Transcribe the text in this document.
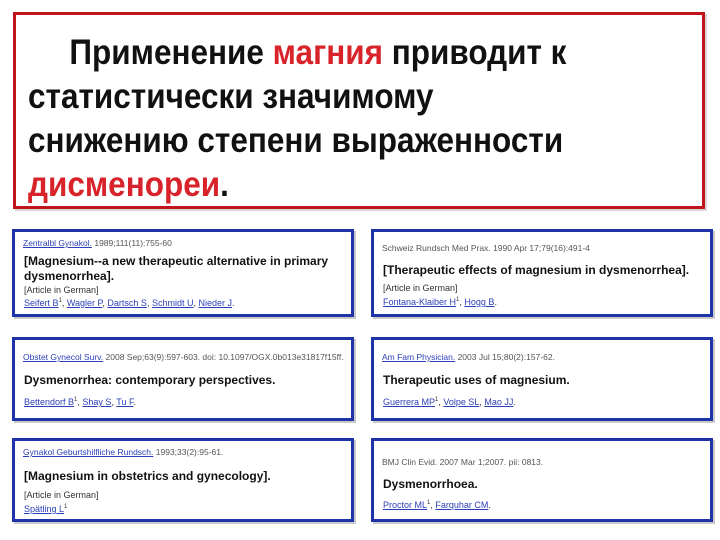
Применение магния приводит к
статистически значимому
снижению степени выраженности
дисменореи.
Zentralbl Gynakol. 1989;111(11):755-60
[Magnesium--a new therapeutic alternative in primary
dysmenorrhea].
[Article in German]
Seifert $B^1$, Wagler P, Dartsch S, Schmidt U, Nieder J.
Schweiz Rundsch Med Prax. 1990 Apr 17;79(16):491-4
[Therapeutic effects of magnesium in dysmenorrhea].
[Article in German]
Fontana-Klaiber $H^1$, Hogg B.
Obstet Gynecol Surv. 2008 Sep;63(9):597-603. doi: 10.1097/OGX.0b013e31817f15ff.
Dysmenorrhea: contemporary perspectives.
Bettendorf $B^1$, Shay S, Tu F.
Am Fam Physician. 2003 Jul 15;80(2):157-62.
Therapeutic uses of magnesium.
Guerrera $MP^1$, Volpe SL, Mao JJ.
Gynakol Geburtshilfliche Rundsch. 1993;33(2):95-61.
[Magnesium in obstetrics and gynecology].
[Article in German]
Spätling $L^1$
BMJ Clin Evid. 2007 Mar 1;2007. pii: 0813.
Dysmenorrhoea.
Proctor $ML^1$, Farquhar CM.
